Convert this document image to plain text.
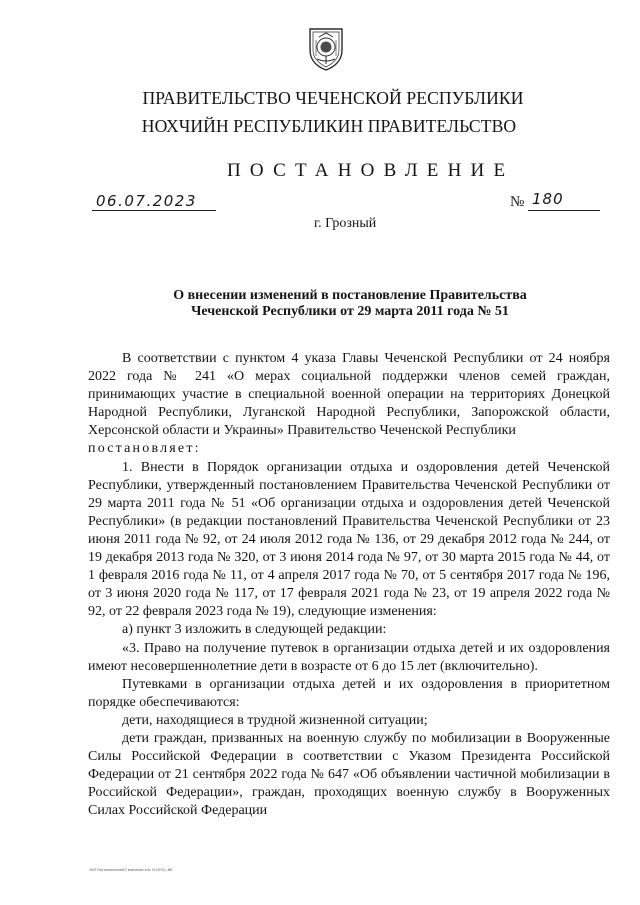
ПРАВИТЕЛЬСТВО ЧЕЧЕНСКОЙ РЕСПУБЛИКИ
НОХЧИЙН РЕСПУБЛИКИН ПРАВИТЕЛЬСТВО
ПОСТАНОВЛЕНИЕ
06.07.2023	№ 180
г. Грозный
О внесении изменений в постановление Правительства
Чеченской Республики от 29 марта 2011 года № 51

В соответствии с пунктом 4 указа Главы Чеченской Республики от 24 ноября 2022 года № 241 «О мерах социальной поддержки членов семей граждан, принимающих участие в специальной военной операции на территориях Донецкой Народной Республики, Луганской Народной Республики, Запорожской области, Херсонской области и Украины» Правительство Чеченской Республики

постановляет:

1. Внести в Порядок организации отдыха и оздоровления детей Чеченской Республики, утвержденный постановлением Правительства Чеченской Республики от 29 марта 2011 года № 51 «Об организации отдыха и оздоровления детей Чеченской Республики» (в редакции постановлений Правительства Чеченской Республики от 23 июня 2011 года № 92, от 24 июля 2012 года № 136, от 29 декабря 2012 года № 244, от 19 декабря 2013 года № 320, от 3 июня 2014 года № 97, от 30 марта 2015 года № 44, от 1 февраля 2016 года № 11, от 4 апреля 2017 года № 70, от 5 сентября 2017 года № 196, от 3 июня 2020 года № 117, от 17 февраля 2021 года № 23, от 19 апреля 2022 года № 92, от 22 февраля 2023 года № 19), следующие изменения:

а) пункт 3 изложить в следующей редакции:

«3. Право на получение путевок в организации отдыха детей и их оздоровления имеют несовершеннолетние дети в возрасте от 6 до 15 лет (включительно).

Путевками в организации отдыха детей и их оздоровления в приоритетном порядке обеспечиваются:

дети, находящиеся в трудной жизненной ситуации;

дети граждан, призванных на военную службу по мобилизации в Вооруженные Силы Российской Федерации в соответствии с Указом Президента Российской Федерации от 21 сентября 2022 года № 647 «Об объявлении частичной мобилизации в Российской Федерации», граждан, проходящих военную службу в Вооруженных Силах Российской Федерации

ОКЛ Постановление/О внесении в № 51(3ПО)--ФК
